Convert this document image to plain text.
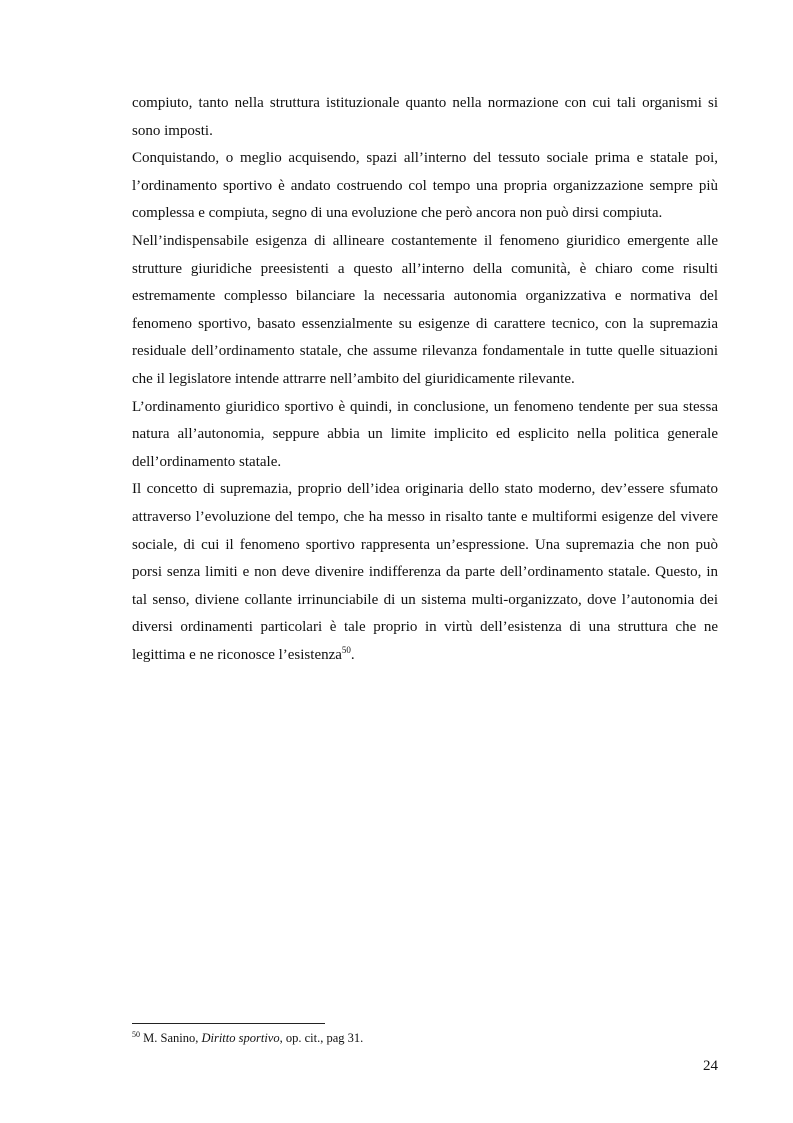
compiuto, tanto nella struttura istituzionale quanto nella normazione con cui tali organismi si sono imposti.

Conquistando, o meglio acquisendo, spazi all’interno del tessuto sociale prima e statale poi, l’ordinamento sportivo è andato costruendo col tempo una propria organizzazione sempre più complessa e compiuta, segno di una evoluzione che però ancora non può dirsi compiuta.

Nell’indispensabile esigenza di allineare costantemente il fenomeno giuridico emergente alle strutture giuridiche preesistenti a questo all’interno della comunità, è chiaro come risulti estremamente complesso bilanciare la necessaria autonomia organizzativa e normativa del fenomeno sportivo, basato essenzialmente su esigenze di carattere tecnico, con la supremazia residuale dell’ordinamento statale, che assume rilevanza fondamentale in tutte quelle situazioni che il legislatore intende attrarre nell’ambito del giuridicamente rilevante.

L’ordinamento giuridico sportivo è quindi, in conclusione, un fenomeno tendente per sua stessa natura all’autonomia, seppure abbia un limite implicito ed esplicito nella politica generale dell’ordinamento statale.

Il concetto di supremazia, proprio dell’idea originaria dello stato moderno, dev’essere sfumato attraverso l’evoluzione del tempo, che ha messo in risalto tante e multiformi esigenze del vivere sociale, di cui il fenomeno sportivo rappresenta un’espressione. Una supremazia che non può porsi senza limiti e non deve divenire indifferenza da parte dell’ordinamento statale. Questo, in tal senso, diviene collante irrinunciabile di un sistema multi-organizzato, dove l’autonomia dei diversi ordinamenti particolari è tale proprio in virtù dell’esistenza di una struttura che ne legittima e ne riconosce l’esistenza$^{50}$.

$^{50}$ M. Sanino, Diritto sportivo, op. cit., pag 31.
24
